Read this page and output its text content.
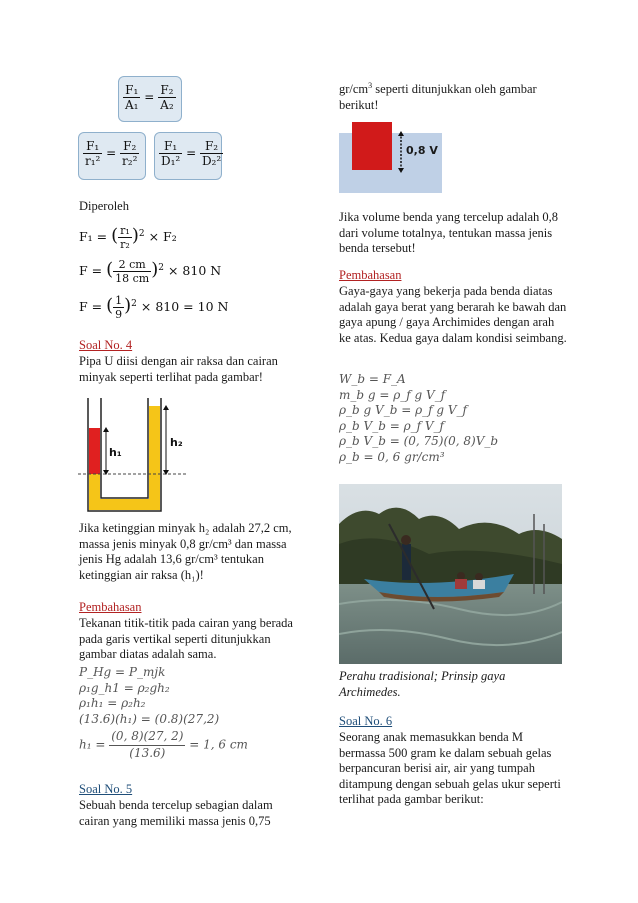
$\frac{\text{F₁}}{\text{A₁}} = \frac{\text{F₂}}{\text{A₂}}$
$\frac{\text{F₁}}{\text{r₁²}} = \frac{\text{F₂}}{\text{r₂²}} \frac{\text{F₁}}{\text{D₁²}} = \frac{\text{F₂}}{\text{D₂²}}$
Diperoleh
F₁ = ( $\frac{\text{r₁}}{\text{r₂}} )^2 \times F_2$
F = ( $\frac{2 cm}{18 cm} )^2 \times 810$ N
F = ( $\frac{1}{9} )^2 \times 810 = 10$ N
Soal No. 4
Pipa U diisi dengan air raksa dan cairan minyak seperti terlihat pada gambar!
h₁
h₂
Jika ketinggian minyak h₂ adalah 27,2 cm, massa jenis minyak 0,8 gr/cm³ dan massa jenis Hg adalah 13,6 gr/cm³ tentukan ketinggian air raksa (h₁)!
Pembahasan
Tekanan titik-titik pada cairan yang berada pada garis vertikal seperti ditunjukkan gambar diatas adalah sama.
P_Hg = P_mjk
ρ₁g_h1 = ρ₂gh₂
ρ₁h₁ = ρ₂h₂
(13.6)(h₁) = (0.8)(27,2)
$h_1 = \frac{(0, 8)(27, 2)}{(13.6)} = 1$, 6 cm
Soal No. 5
Sebuah benda tercelup sebagian dalam cairan yang memiliki massa jenis 0,75
$gr/cm^3$ seperti ditunjukkan oleh gambar berikut!
0,8 V
Jika volume benda yang tercelup adalah 0,8 dari volume totalnya, tentukan massa jenis benda tersebut!
Pembahasan
Gaya-gaya yang bekerja pada benda diatas adalah gaya berat yang berarah ke bawah dan gaya apung / gaya Archimides dengan arah ke atas. Kedua gaya dalam kondisi seimbang.
W_b = F_A
m_b g = ρ_f g V_f
ρ_b g V_b = ρ_f g V_f
ρ_b V_b = ρ_f V_f
ρ_b V_b = (0, 75)(0, 8)V_b
ρ_b = 0, 6 gr/cm³
Perahu tradisional; Prinsip gaya Archimedes.
Soal No. 6
Seorang anak memasukkan benda M bermassa 500 gram ke dalam sebuah gelas berpancuran berisi air, air yang tumpah ditampung dengan sebuah gelas ukur seperti terlihat pada gambar berikut:
